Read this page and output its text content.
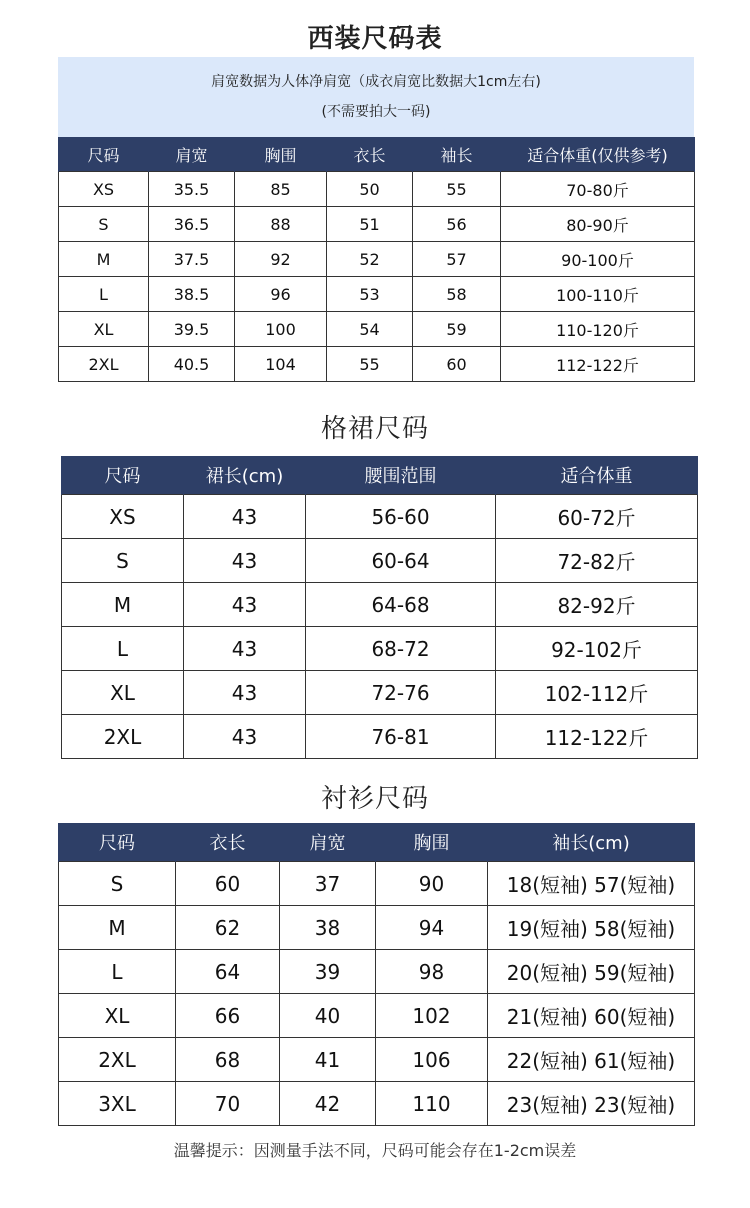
西装尺码表
肩宽数据为人体净肩宽（成衣肩宽比数据大1cm左右)
(不需要拍大一码)
尺码	肩宽	胸围	衣长	袖长	适合体重(仅供参考)
XS	35.5	85	50	55	70-80斤
S	36.5	88	51	56	80-90斤
M	37.5	92	52	57	90-100斤
L	38.5	96	53	58	100-110斤
XL	39.5	100	54	59	110-120斤
2XL	40.5	104	55	60	112-122斤
格裙尺码
尺码	裙长(cm)	腰围范围	适合体重
XS	43	56-60	60-72斤
S	43	60-64	72-82斤
M	43	64-68	82-92斤
L	43	68-72	92-102斤
XL	43	72-76	102-112斤
2XL	43	76-81	112-122斤
衬衫尺码
尺码	衣长	肩宽	胸围	袖长(cm)
S	60	37	90	18(短袖) 57(短袖)
M	62	38	94	19(短袖) 58(短袖)
L	64	39	98	20(短袖) 59(短袖)
XL	66	40	102	21(短袖) 60(短袖)
2XL	68	41	106	22(短袖) 61(短袖)
3XL	70	42	110	23(短袖) 23(短袖)
温馨提示：因测量手法不同，尺码可能会存在1-2cm误差
